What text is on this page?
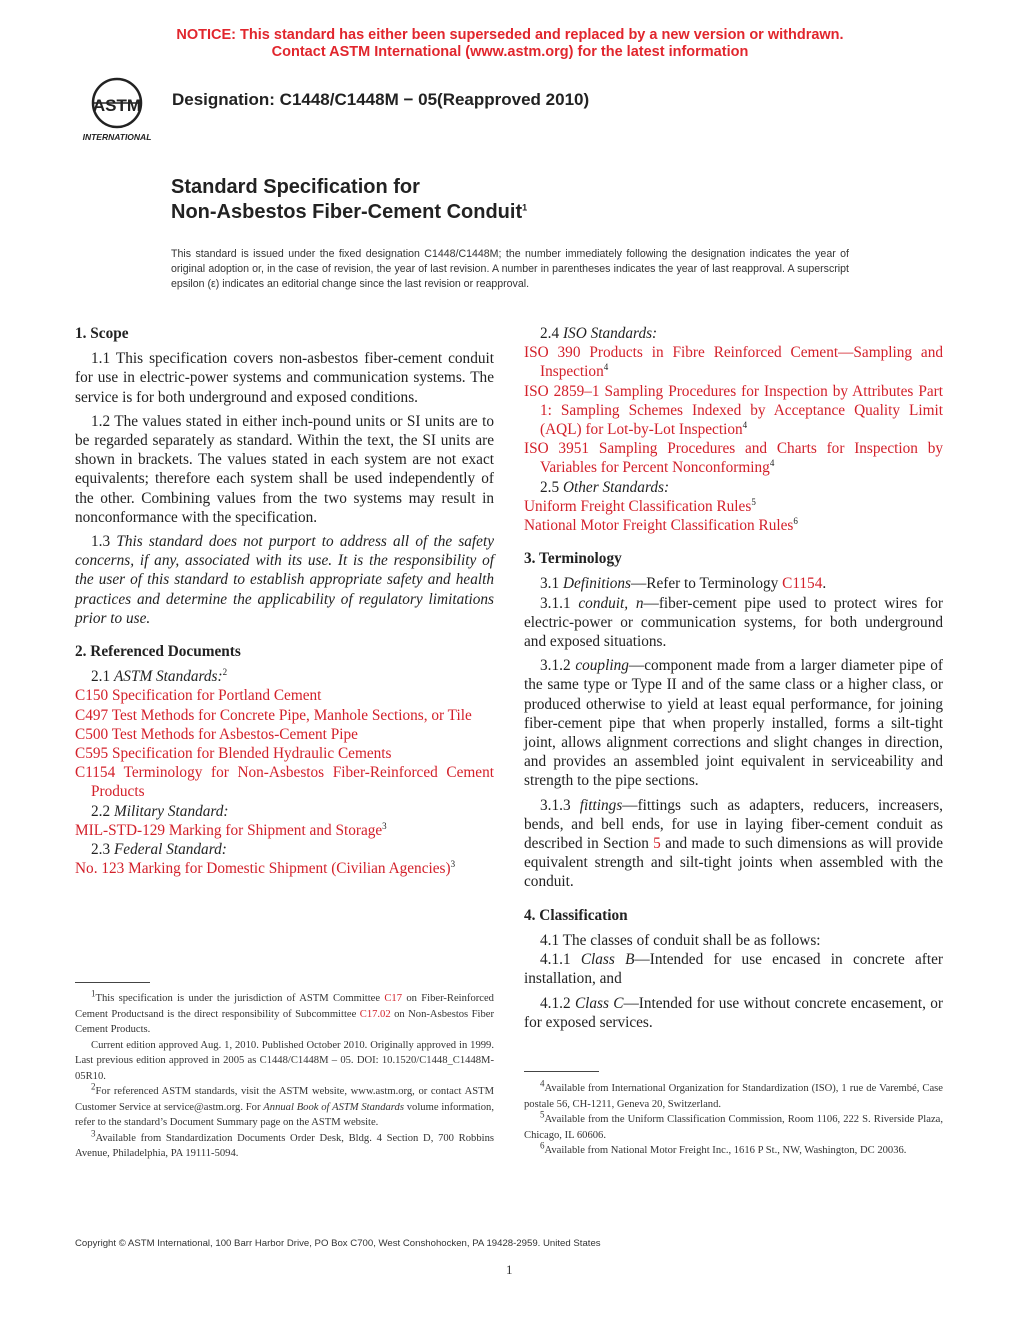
NOTICE: This standard has either been superseded and replaced by a new version or withdrawn.
Contact ASTM International (www.astm.org) for the latest information
ASTM
INTERNATIONAL
Designation: C1448/C1448M − 05(Reapproved 2010)
Standard Specification for
Non-Asbestos Fiber-Cement Conduit$^1$
This standard is issued under the fixed designation C1448/C1448M; the number immediately following the designation indicates the year of original adoption or, in the case of revision, the year of last revision. A number in parentheses indicates the year of last reapproval. A superscript epsilon (ε) indicates an editorial change since the last revision or reapproval.
1. Scope

1.1 This specification covers non-asbestos fiber-cement conduit for use in electric-power systems and communication systems. The service is for both underground and exposed conditions.

1.2 The values stated in either inch-pound units or SI units are to be regarded separately as standard. Within the text, the SI units are shown in brackets. The values stated in each system are not exact equivalents; therefore each system shall be used independently of the other. Combining values from the two systems may result in nonconformance with the specification.

1.3 This standard does not purport to address all of the safety concerns, if any, associated with its use. It is the responsibility of the user of this standard to establish appropriate safety and health practices and determine the applicability of regulatory limitations prior to use.

2. Referenced Documents

2.1 ASTM Standards:$^2$

C150 Specification for Portland Cement

C497 Test Methods for Concrete Pipe, Manhole Sections, or Tile

C500 Test Methods for Asbestos-Cement Pipe

C595 Specification for Blended Hydraulic Cements

C1154 Terminology for Non-Asbestos Fiber-Reinforced Cement Products

2.2 Military Standard:

MIL-STD-129 Marking for Shipment and Storage$^3$

2.3 Federal Standard:

No. 123 Marking for Domestic Shipment (Civilian Agencies)$^3$

$^1$This specification is under the jurisdiction of ASTM Committee C17 on Fiber-Reinforced Cement Productsand is the direct responsibility of Subcommittee C17.02 on Non-Asbestos Fiber Cement Products.

Current edition approved Aug. 1, 2010. Published October 2010. Originally approved in 1999. Last previous edition approved in 2005 as C1448/C1448M – 05. DOI: 10.1520/C1448_C1448M-05R10.

$^2$For referenced ASTM standards, visit the ASTM website, www.astm.org, or contact ASTM Customer Service at service@astm.org. For Annual Book of ASTM Standards volume information, refer to the standard’s Document Summary page on the ASTM website.

$^3$Available from Standardization Documents Order Desk, Bldg. 4 Section D, 700 Robbins Avenue, Philadelphia, PA 19111-5094.

2.4 ISO Standards:

ISO 390 Products in Fibre Reinforced Cement—Sampling and Inspection$^4$

ISO 2859–1 Sampling Procedures for Inspection by Attributes Part 1: Sampling Schemes Indexed by Acceptance Quality Limit (AQL) for Lot-by-Lot Inspection$^4$

ISO 3951 Sampling Procedures and Charts for Inspection by Variables for Percent Nonconforming$^4$

2.5 Other Standards:

Uniform Freight Classification Rules$^5$

National Motor Freight Classification Rules$^6$

3. Terminology

3.1 Definitions—Refer to Terminology C1154.

3.1.1 conduit, n—fiber-cement pipe used to protect wires for electric-power or communication systems, for both underground and exposed situations.

3.1.2 coupling—component made from a larger diameter pipe of the same type or Type II and of the same class or a higher class, or produced otherwise to yield at least equal performance, for joining fiber-cement pipe that when properly installed, forms a silt-tight joint, allows alignment corrections and slight changes in direction, and provides an assembled joint equivalent in serviceability and strength to the pipe sections.

3.1.3 fittings—fittings such as adapters, reducers, increasers, bends, and bell ends, for use in laying fiber-cement conduit as described in Section 5 and made to such dimensions as will provide equivalent strength and silt-tight joints when assembled with the conduit.

4. Classification

4.1 The classes of conduit shall be as follows:

4.1.1 Class B—Intended for use encased in concrete after installation, and

4.1.2 Class C—Intended for use without concrete encasement, or for exposed services.

$^4$Available from International Organization for Standardization (ISO), 1 rue de Varembé, Case postale 56, CH-1211, Geneva 20, Switzerland.

$^5$Available from the Uniform Classification Commission, Room 1106, 222 S. Riverside Plaza, Chicago, IL 60606.

$^6$Available from National Motor Freight Inc., 1616 P St., NW, Washington, DC 20036.

Copyright © ASTM International, 100 Barr Harbor Drive, PO Box C700, West Conshohocken, PA 19428-2959. United States
1
